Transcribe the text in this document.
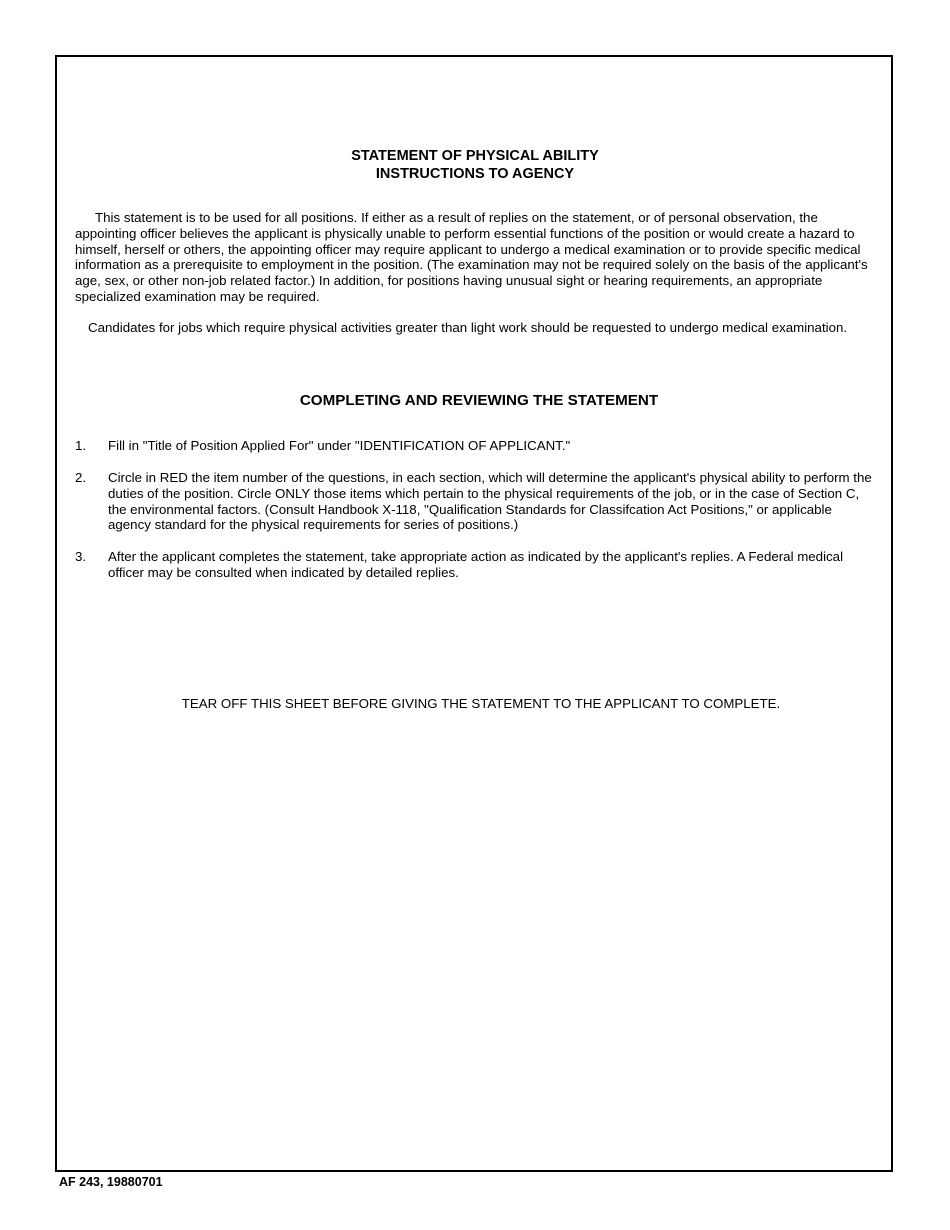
STATEMENT OF PHYSICAL ABILITY
INSTRUCTIONS TO AGENCY
This statement is to be used for all positions. If either as a result of replies on the statement, or of personal observation, the appointing officer believes the applicant is physically unable to perform essential functions of the position or would create a hazard to himself, herself or others, the appointing officer may require applicant to undergo a medical examination or to provide specific medical information as a prerequisite to employment in the position. (The examination may not be required solely on the basis of the applicant's age, sex, or other non-job related factor.) In addition, for positions having unusual sight or hearing requirements, an appropriate specialized examination may be required.
Candidates for jobs which require physical activities greater than light work should be requested to undergo medical examination.
COMPLETING AND REVIEWING THE STATEMENT
1.	Fill in "Title of Position Applied For" under "IDENTIFICATION OF APPLICANT."
2.	Circle in RED the item number of the questions, in each section, which will determine the applicant's physical ability to perform the duties of the position. Circle ONLY those items which pertain to the physical requirements of the job, or in the case of Section C, the environmental factors. (Consult Handbook X-118, "Qualification Standards for Classifcation Act Positions," or applicable agency standard for the physical requirements for series of positions.)
3.	After the applicant completes the statement, take appropriate action as indicated by the applicant's replies. A Federal medical officer may be consulted when indicated by detailed replies.
TEAR OFF THIS SHEET BEFORE GIVING THE STATEMENT TO THE APPLICANT TO COMPLETE.
AF 243, 19880701
